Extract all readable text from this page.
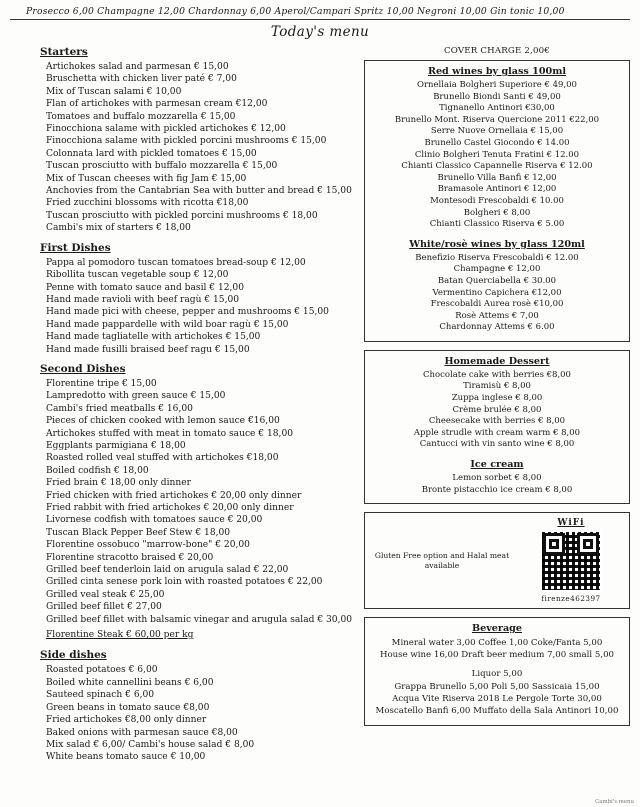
Prosecco 6,00 Champagne 12,00 Chardonnay 6,00 Aperol/Campari Spritz 10,00 Negroni 10,00 Gin tonic 10,00
Today's menu
Starters
Artichokes salad and parmesan € 15,00
Bruschetta with chicken liver paté € 7,00
Mix of Tuscan salami € 10,00
Flan of artichokes with parmesan cream €12,00
Tomatoes and buffalo mozzarella € 15,00
Finocchiona salame with pickled artichokes € 12,00
Finocchiona salame with pickled porcini mushrooms € 15,00
Colonnata lard with pickled tomatoes € 15,00
Tuscan prosciutto with buffalo mozzarella € 15,00
Mix of Tuscan cheeses with fig Jam € 15,00
Anchovies from the Cantabrian Sea with butter and bread € 15,00
Fried zucchini blossoms with ricotta €18,00
Tuscan prosciutto with pickled porcini mushrooms € 18,00
Cambi's mix of starters € 18,00
First Dishes
Pappa al pomodoro tuscan tomatoes bread-soup € 12,00
Ribollita tuscan vegetable soup € 12,00
Penne with tomato sauce and basil € 12,00
Hand made ravioli with beef ragù € 15,00
Hand made pici with cheese, pepper and mushrooms € 15,00
Hand made pappardelle with wild boar ragù € 15,00
Hand made tagliatelle with artichokes € 15,00
Hand made fusilli braised beef ragu € 15,00
Second Dishes
Florentine tripe € 15,00
Lampredotto with green sauce € 15,00
Cambi's fried meatballs € 16,00
Pieces of chicken cooked with lemon sauce €16,00
Artichokes stuffed with meat in tomato sauce € 18,00
Eggplants parmigiana € 18,00
Roasted rolled veal stuffed with artichokes €18,00
Boiled codfish € 18,00
Fried brain € 18,00 only dinner
Fried chicken with fried artichokes € 20,00 only dinner
Fried rabbit with fried artichokes € 20,00 only dinner
Livornese codfish with tomatoes sauce € 20,00
Tuscan Black Pepper Beef Stew € 18,00
Florentine ossobuco "marrow-bone" € 20,00
Florentine stracotto braised € 20,00
Grilled beef tenderloin laid on arugula salad € 22,00
Grilled cinta senese pork loin with roasted potatoes € 22,00
Grilled veal steak € 25,00
Grilled beef fillet € 27,00
Grilled beef fillet with balsamic vinegar and arugula salad € 30,00
Florentine Steak € 60,00 per kg
Side dishes
Roasted potatoes € 6,00
Boiled white cannellini beans € 6,00
Sauteed spinach € 6,00
Green beans in tomato sauce €8,00
Fried artichokes €8,00 only dinner
Baked onions with parmesan sauce €8,00
Mix salad € 6,00/ Cambi's house salad € 8,00
White beans tomato sauce € 10,00
COVER CHARGE 2,00€
Red wines by glass 100ml
Ornellaia Bolgheri Superiore € 49,00
Brunello Biondi Santi € 49,00
Tignanello Antinori €30,00
Brunello Mont. Riserva Quercione 2011 €22,00
Serre Nuove Ornellaia € 15,00
Brunello Castel Giocondo € 14.00
Clinio Bolgheri Tenuta Fratini € 12.00
Chianti Classico Capannelle Riserva € 12.00
Brunello Villa Banfi € 12,00
Bramasole Antinori € 12,00
Montesodi Frescobaldi € 10.00
Bolgheri € 8,00
Chianti Classico Riserva € 5.00
White/rosè wines by glass 120ml
Benefizio Riserva Frescobaldi € 12.00
Champagne € 12,00
Batan Querciabella € 30.00
Vermentino Capichera €12,00
Frescobaldi Aurea rosè €10,00
Rosè Attems € 7,00
Chardonnay Attems € 6.00
Homemade Dessert
Chocolate cake with berries €8,00
Tiramisù € 8,00
Zuppa inglese € 8,00
Crème brulée € 8,00
Cheesecake with berries € 8,00
Apple strudle with cream warm € 8,00
Cantucci with vin santo wine € 8,00
Ice cream
Lemon sorbet € 8,00
Bronte pistacchio ice cream € 8,00
Gluten Free option and Halal meat available
WiFi
firenze462397
Beverage
Mineral water 3,00 Coffee 1,00 Coke/Fanta 5,00
House wine 16,00 Draft beer medium 7,00 small 5,00
Liquor 5,00
Grappa Brunello 5,00 Poli 5,00 Sassicaia 15,00
Acqua Vite Riserva 2018 Le Pergole Torte 30,00
Moscatello Banfi 6,00 Muffato della Sala Antinori 10,00
Cambi's menu
